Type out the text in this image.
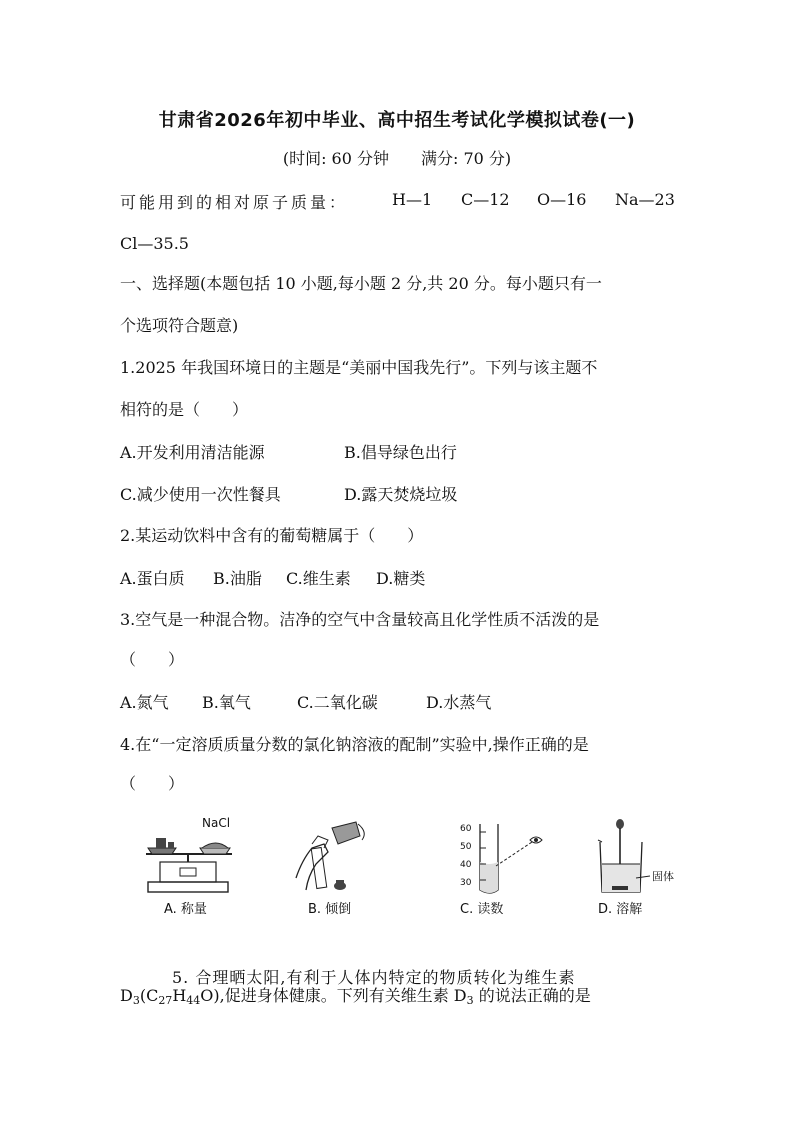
甘肃省2026年初中毕业、高中招生考试化学模拟试卷(一)
(时间: 60 分钟 满分: 70 分)
可能用到的相对原子质量：	H—1 C—12 O—16 Na—23
Cl—35.5
一、选择题(本题包括 10 小题,每小题 2 分,共 20 分。每小题只有一
个选项符合题意)
1.2025 年我国环境日的主题是“美丽中国我先行”。下列与该主题不
相符的是（　　）
A.开发利用清洁能源	B.倡导绿色出行
C.减少使用一次性餐具	D.露天焚烧垃圾
2.某运动饮料中含有的葡萄糖属于（　　）
A.蛋白质 B.油脂 C.维生素 D.糖类
3.空气是一种混合物。洁净的空气中含量较高且化学性质不活泼的是
（　　）
A.氮气 B.氧气	C.二氧化碳	D.水蒸气
4.在“一定溶质质量分数的氯化钠溶液的配制”实验中,操作正确的是
（　　）
NaCl
A. 称量	B. 倾倒
60
50
40
30
C. 读数
固体
D. 溶解
5. 合理晒太阳,有利于人体内特定的物质转化为维生素
$D_3(C_{27}H_{44}O)$,促进身体健康。下列有关维生素 $D_3$ 的说法正确的是
